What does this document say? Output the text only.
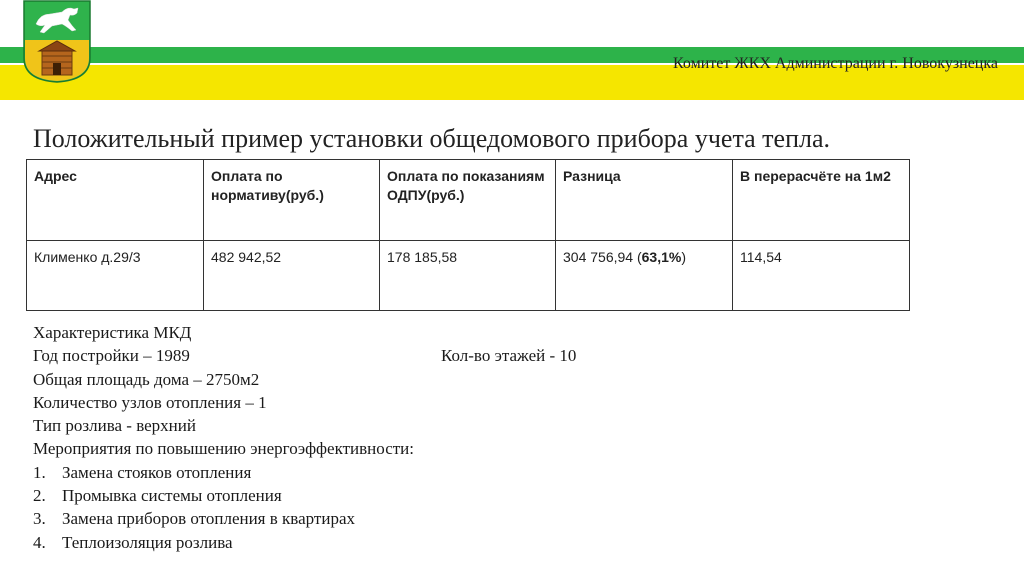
Комитет ЖКХ Администрации г. Новокузнецка
Положительный пример установки общедомового прибора учета тепла.
Адрес	Оплата по нормативу(руб.)	Оплата по показаниям ОДПУ(руб.)	Разница	В перерасчёте на 1м2
Клименко д.29/3	482 942,52	178 185,58	304 756,94 (63,1%)	114,54
Характеристика МКД
Год постройки – 1989
Общая площадь дома – 2750м2
Количество узлов отопления – 1
Тип розлива - верхний
Мероприятия по повышению энергоэффективности:
1. Замена стояков отопления
2. Промывка системы отопления
3. Замена приборов отопления в квартирах
4. Теплоизоляция розлива
Кол-во этажей - 10
